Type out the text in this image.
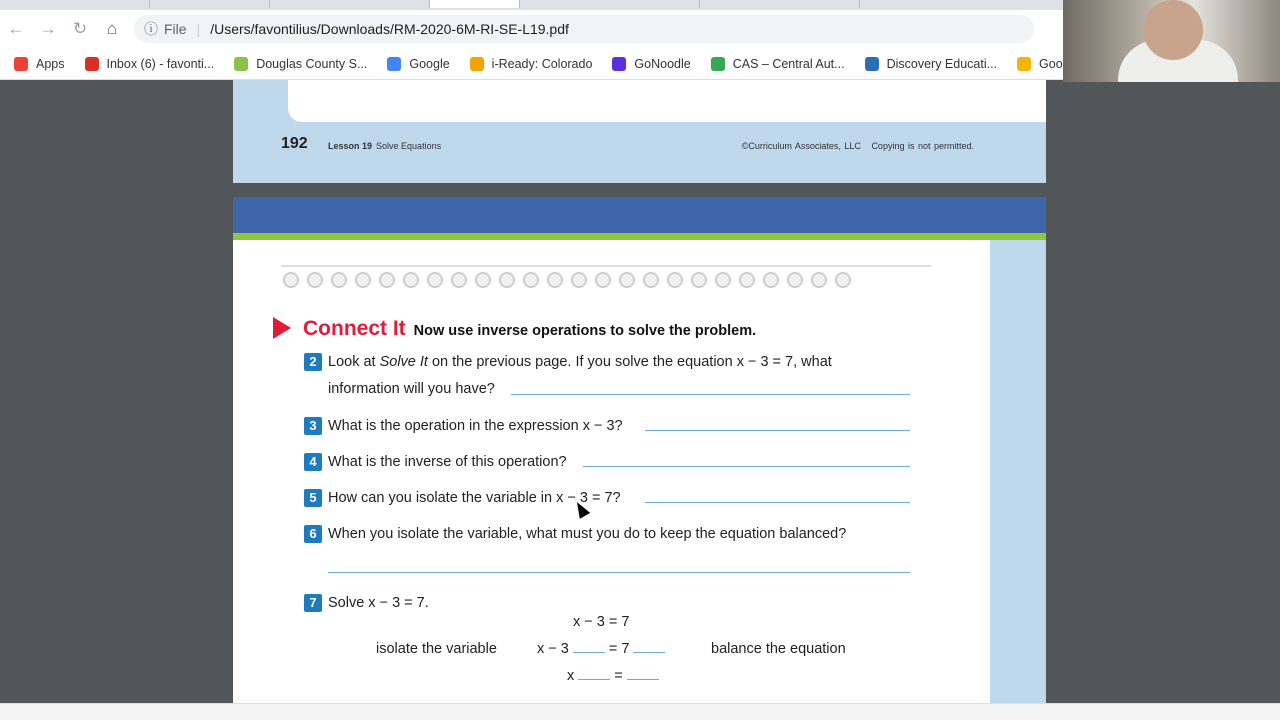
← → ↻	⌂	ⓘ File | /Users/favontilius/Downloads/RM-2020-6M-RI-SE-L19.pdf
Apps	Inbox (6) - favonti...	Douglas County S...	Google	i-Ready: Colorado	GoNoodle	CAS – Central Aut...	Discovery Educati...	Goo
192 Lesson 19 Solve Equations	©Curriculum Associates, LLC Copying is not permitted.
Connect It Now use inverse operations to solve the problem.
2 Look at Solve It on the previous page. If you solve the equation x − 3 = 7, what
information will you have?
3 What is the operation in the expression x − 3?
4 What is the inverse of this operation?
5 How can you isolate the variable in x − 3 = 7?
6 When you isolate the variable, what must you do to keep the equation balanced?
7 Solve x − 3 = 7.
x − 3 = 7
isolate the variable	x − 3	= 7	balance the equation
x	=
